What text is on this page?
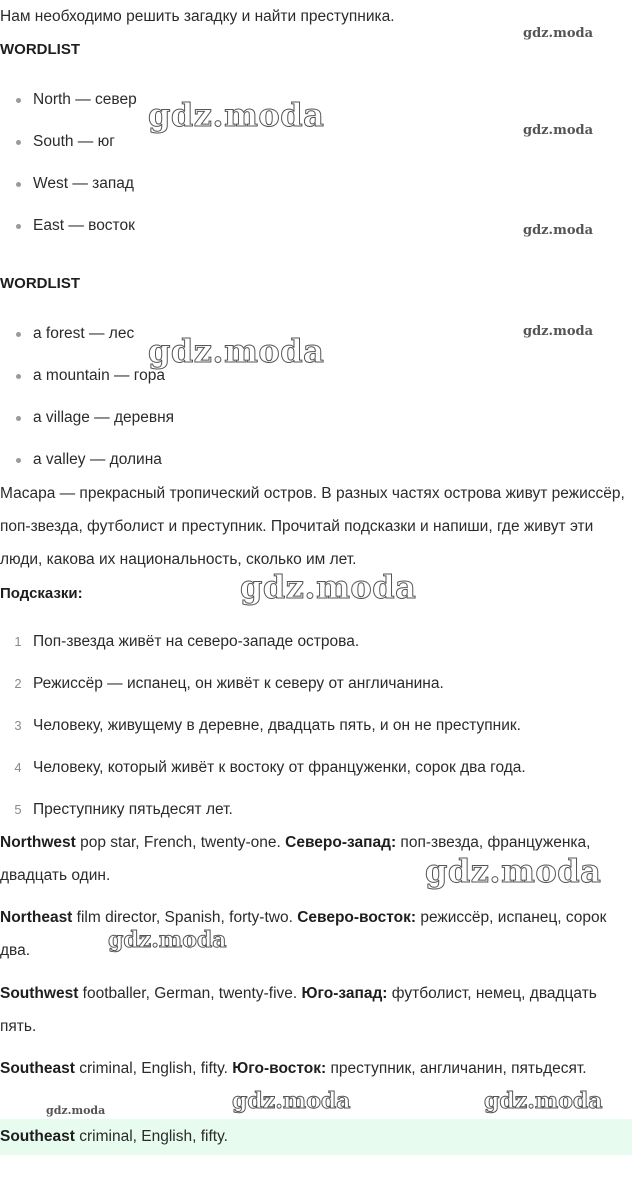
Нам необходимо решить загадку и найти преступника.

WORDLIST
North — север
South — юг
West — запад
East — восток
WORDLIST
a forest — лес
a mountain — гора
a village — деревня
a valley — долина

Масара — прекрасный тропический остров. В разных частях острова живут режиссёр, поп-звезда, футболист и преступник. Прочитай подсказки и напиши, где живут эти люди, какова их национальность, сколько им лет.

Подсказки:
1 Поп-звезда живёт на северо-западе острова.
2 Режиссёр — испанец, он живёт к северу от англичанина.
3 Человеку, живущему в деревне, двадцать пять, и он не преступник.
4 Человеку, который живёт к востоку от француженки, сорок два года.
5 Преступнику пятьдесят лет.

Northwest pop star, French, twenty-one. Северо-запад: поп-звезда, француженка, двадцать один.

Northeast film director, Spanish, forty-two. Северо-восток: режиссёр, испанец, сорок два.

Southwest footballer, German, twenty-five. Юго-запад: футболист, немец, двадцать пять.

Southeast criminal, English, fifty. Юго-восток: преступник, англичанин, пятьдесят.

Southeast criminal, English, fifty.
gdz.moda
gdz.moda	gdz.moda
gdz.moda
gdz.moda
gdz.moda
gdz.moda
gdz.moda
gdz.moda
gdz.moda	gdz.moda
gdz.moda
